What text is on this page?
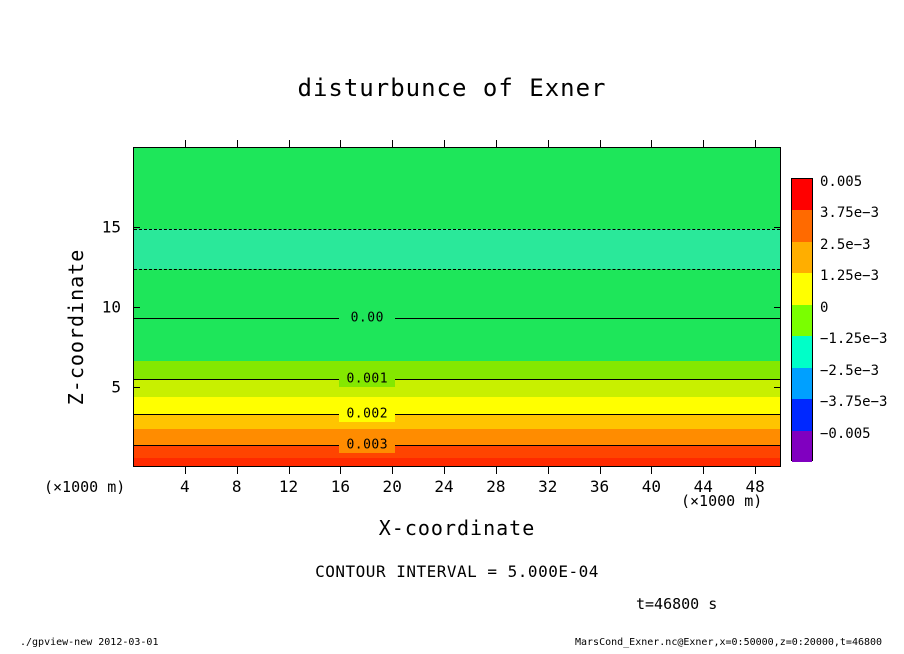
disturbunce of Exner
0.003
0.002
0.001
0.00
Z-coordinate
X-coordinate
(×1000 m)
(×1000 m)
CONTOUR INTERVAL = 5.000E-04
t=46800 s
./gpview-new 2012-03-01	MarsCond_Exner.nc@Exner,x=0:50000,z=0:20000,t=46800
4	8 12 16 20 24 28 32 36 40 44 48
5
10
15
0.005
3.75e−3
2.5e−3
1.25e−3
0
−1.25e−3
−2.5e−3
−3.75e−3
−0.005
